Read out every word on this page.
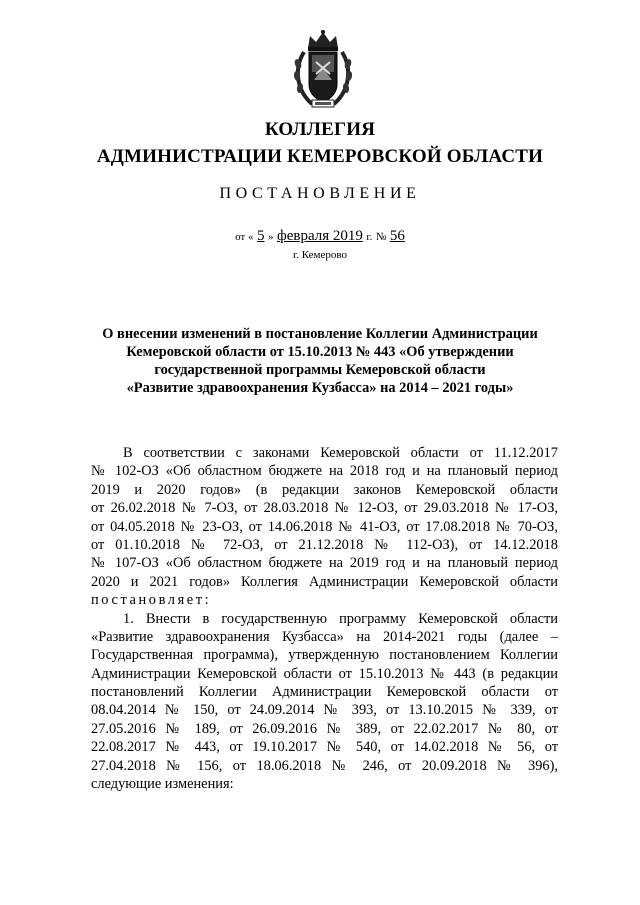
КОЛЛЕГИЯ
АДМИНИСТРАЦИИ КЕМЕРОВСКОЙ ОБЛАСТИ
ПОСТАНОВЛЕНИЕ
от « 5 » февраля 2019 г. № 56
г. Кемерово
О внесении изменений в постановление Коллегии Администрации
Кемеровской области от 15.10.2013 № 443 «Об утверждении
государственной программы Кемеровской области
«Развитие здравоохранения Кузбасса» на 2014 – 2021 годы»
В соответствии с законами Кемеровской области от 11.12.2017
№ 102-ОЗ «Об областном бюджете на 2018 год и на плановый период
2019 и 2020 годов» (в редакции законов Кемеровской области
от 26.02.2018 № 7-ОЗ, от 28.03.2018 № 12-ОЗ, от 29.03.2018 № 17-ОЗ,
от 04.05.2018 № 23-ОЗ, от 14.06.2018 № 41-ОЗ, от 17.08.2018 № 70-ОЗ,
от 01.10.2018 № 72-ОЗ, от 21.12.2018 № 112-ОЗ), от 14.12.2018
№ 107-ОЗ «Об областном бюджете на 2019 год и на плановый период
2020 и 2021 годов» Коллегия Администрации Кемеровской области
постановляет:
1. Внести в государственную программу Кемеровской области
«Развитие здравоохранения Кузбасса» на 2014-2021 годы (далее –
Государственная программа), утвержденную постановлением Коллегии
Администрации Кемеровской области от 15.10.2013 № 443 (в редакции
постановлений Коллегии Администрации Кемеровской области от
08.04.2014 № 150, от 24.09.2014 № 393, от 13.10.2015 № 339, от
27.05.2016 № 189, от 26.09.2016 № 389, от 22.02.2017 № 80, от
22.08.2017 № 443, от 19.10.2017 № 540, от 14.02.2018 № 56, от
27.04.2018 № 156, от 18.06.2018 № 246, от 20.09.2018 № 396),
следующие изменения:
